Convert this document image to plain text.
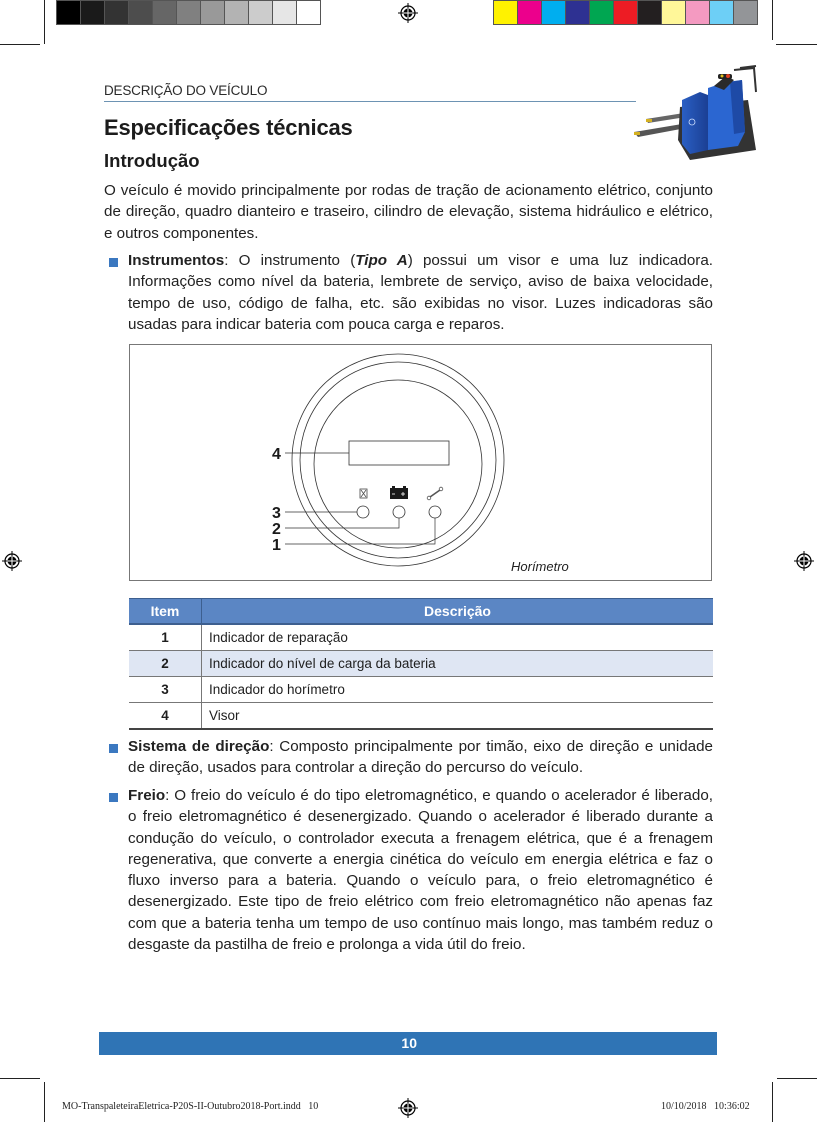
DESCRIÇÃO DO VEÍCULO
Especificações técnicas
Introdução

O veículo é movido principalmente por rodas de tração de acionamento elétrico, conjunto de direção, quadro dianteiro e traseiro, cilindro de elevação, sistema hidráulico e elétrico, e outros componentes.

Instrumentos: O instrumento (Tipo A) possui um visor e uma luz indicadora. Informações como nível da bateria, lembrete de serviço, aviso de baixa velocidade, tempo de uso, código de falha, etc. são exibidas no visor. Luzes indicadoras são usadas para indicar bateria com pouca carga e reparos.

4
3
2
1
Horímetro
Item	Descrição
1	Indicador de reparação
2	Indicador do nível de carga da bateria
3	Indicador do horímetro
4	Visor

Sistema de direção: Composto principalmente por timão, eixo de direção e unidade de direção, usados para controlar a direção do percurso do veículo.

Freio: O freio do veículo é do tipo eletromagnético, e quando o acelerador é liberado, o freio eletromagnético é desenergizado. Quando o acelerador é liberado durante a condução do veículo, o controlador executa a frenagem elétrica, que é a frenagem regenerativa, que converte a energia cinética do veículo em energia elétrica e faz o fluxo inverso para a bateria. Quando o veículo para, o freio eletromagnético é desenergizado. Este tipo de freio elétrico com freio eletromagnético não apenas faz com que a bateria tenha um tempo de uso contínuo mais longo, mas também reduz o desgaste da pastilha de freio e prolonga a vida útil do freio.

10
MO-TranspaleteiraEletrica-P20S-II-Outubro2018-Port.indd   10	10/10/2018   10:36:02
